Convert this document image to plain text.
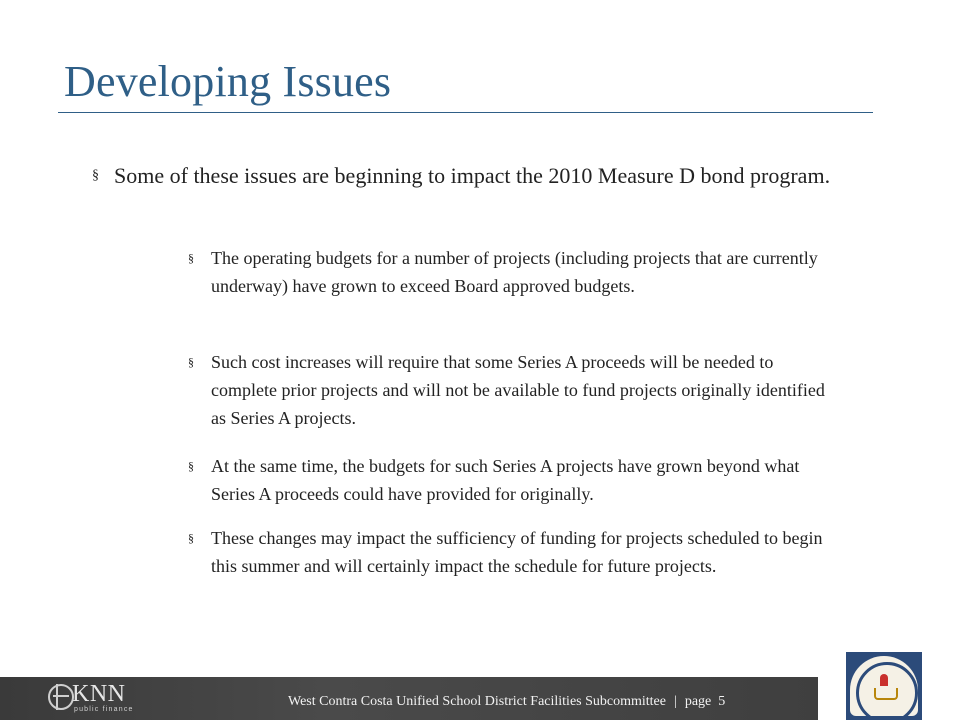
Developing Issues
§ Some of these issues are beginning to impact the 2010 Measure D bond program.
§ The operating budgets for a number of projects (including projects that are currently underway) have grown to exceed Board approved budgets.
§ Such cost increases will require that some Series A proceeds will be needed to complete prior projects and will not be available to fund projects originally identified as Series A projects.
§ At the same time, the budgets for such Series A projects have grown beyond what Series A proceeds could have provided for originally.
§ These changes may impact the sufficiency of funding for projects scheduled to begin this summer and will certainly impact the schedule for future projects.
KNN
public finance
West Contra Costa Unified School District Facilities Subcommittee | page 5
